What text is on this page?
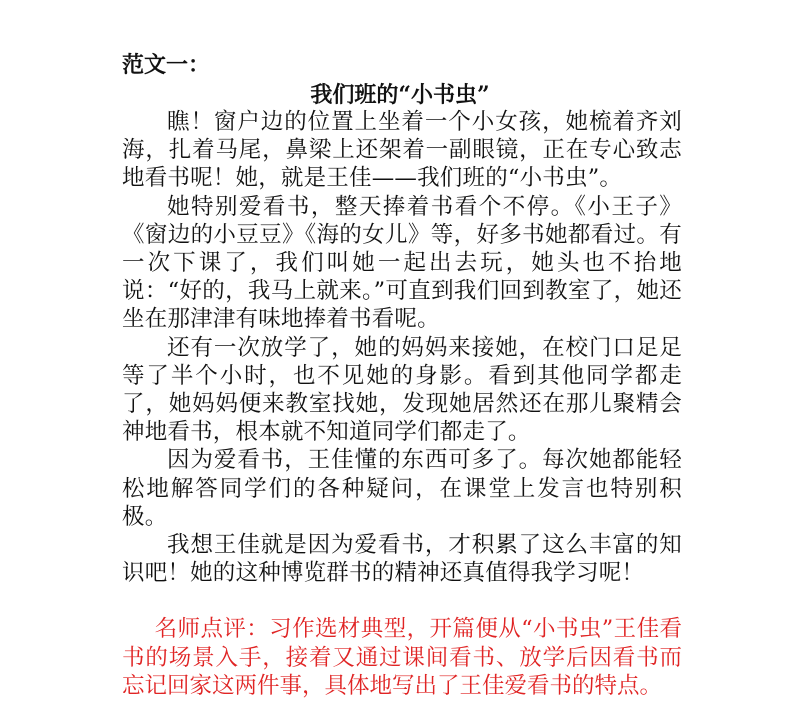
范文一：
我们班的“小书虫”

瞧！窗户边的位置上坐着一个小女孩，她梳着齐刘海，扎着马尾，鼻梁上还架着一副眼镜，正在专心致志地看书呢！她，就是王佳——我们班的“小书虫”。

她特别爱看书，整天捧着书看个不停。《小王子》《窗边的小豆豆》《海的女儿》等，好多书她都看过。有一次下课了，我们叫她一起出去玩，她头也不抬地说：“好的，我马上就来。”可直到我们回到教室了，她还坐在那津津有味地捧着书看呢。

还有一次放学了，她的妈妈来接她，在校门口足足等了半个小时，也不见她的身影。看到其他同学都走了，她妈妈便来教室找她，发现她居然还在那儿聚精会神地看书，根本就不知道同学们都走了。

因为爱看书，王佳懂的东西可多了。每次她都能轻松地解答同学们的各种疑问，在课堂上发言也特别积极。

我想王佳就是因为爱看书，才积累了这么丰富的知识吧！她的这种博览群书的精神还真值得我学习呢！

名师点评：习作选材典型，开篇便从“小书虫”王佳看书的场景入手，接着又通过课间看书、放学后因看书而忘记回家这两件事，具体地写出了王佳爱看书的特点。
